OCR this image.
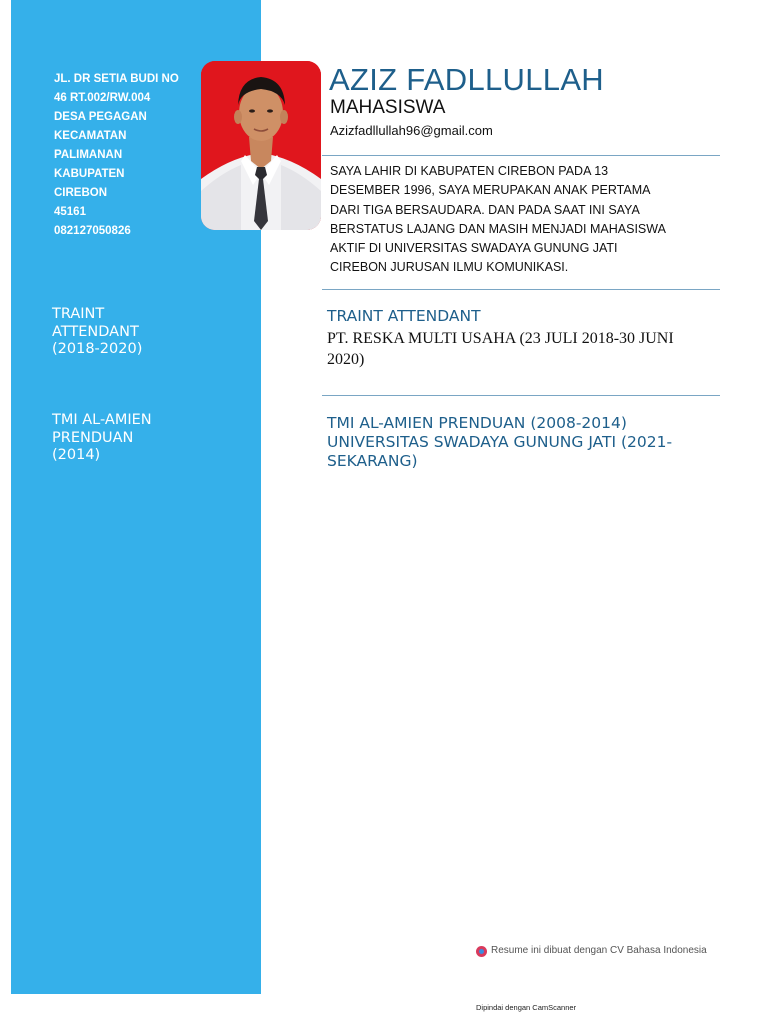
JL. DR SETIA BUDI NO
46 RT.002/RW.004
DESA PEGAGAN
KECAMATAN
PALIMANAN
KABUPATEN
CIREBON
45161
082127050826
TRAINT
ATTENDANT
(2018-2020)
TMI AL-AMIEN
PRENDUAN
(2014)
AZIZ FADLLULLAH
MAHASISWA
Azizfadllullah96@gmail.com
SAYA LAHIR DI KABUPATEN CIREBON PADA 13
DESEMBER 1996, SAYA MERUPAKAN ANAK PERTAMA
DARI TIGA BERSAUDARA. DAN PADA SAAT INI SAYA
BERSTATUS LAJANG DAN MASIH MENJADI MAHASISWA
AKTIF DI UNIVERSITAS SWADAYA GUNUNG JATI
CIREBON JURUSAN ILMU KOMUNIKASI.
TRAINT ATTENDANT
PT. RESKA MULTI USAHA (23 JULI 2018-30 JUNI
2020)
TMI AL-AMIEN PRENDUAN (2008-2014)
UNIVERSITAS SWADAYA GUNUNG JATI (2021-
SEKARANG)
Resume ini dibuat dengan CV Bahasa Indonesia
Dipindai dengan CamScanner
